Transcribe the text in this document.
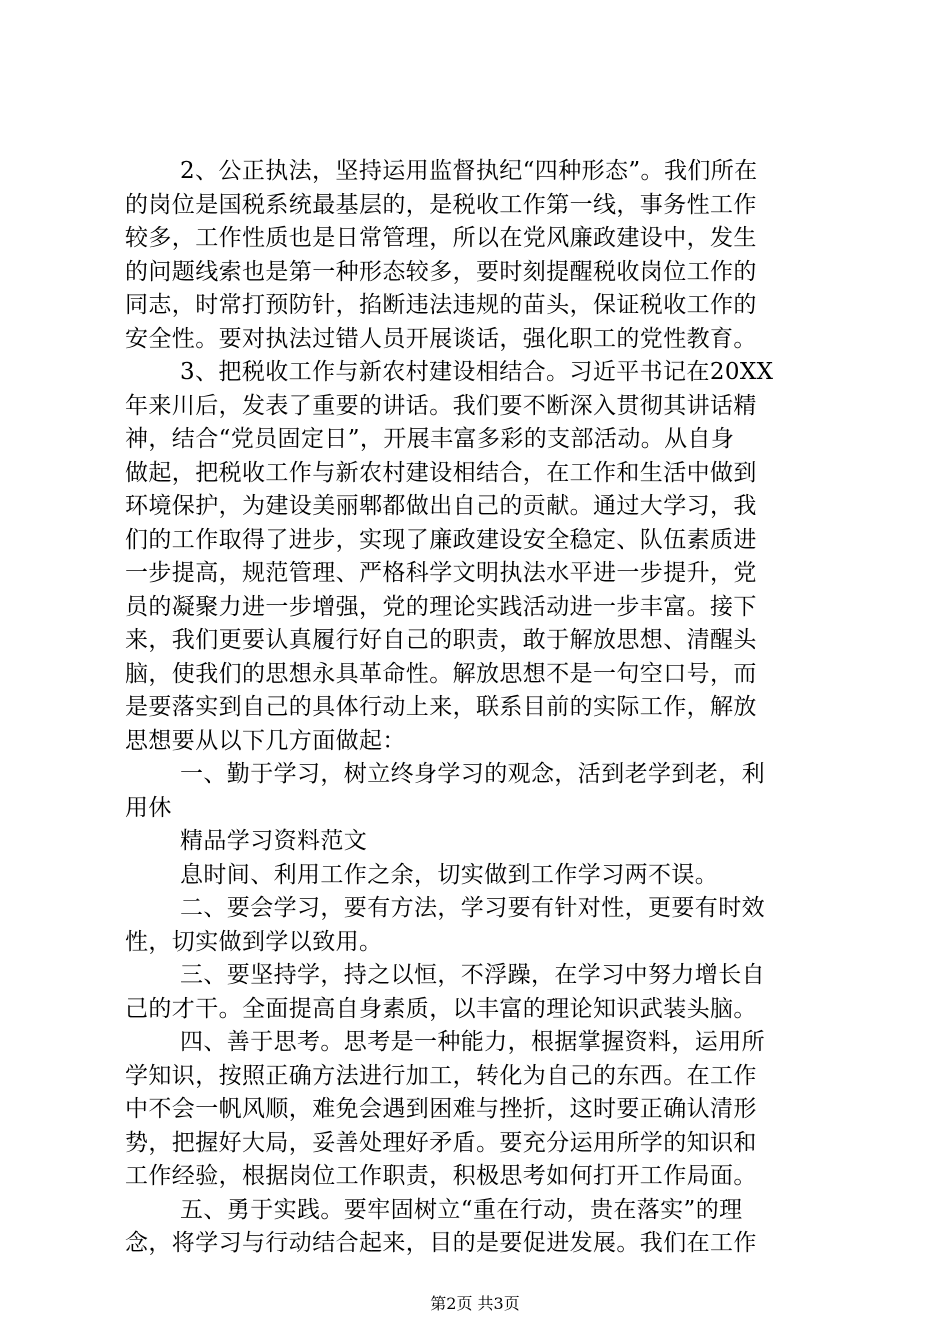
2、公正执法，坚持运用监督执纪“四种形态”。我们所在
的岗位是国税系统最基层的，是税收工作第一线，事务性工作
较多，工作性质也是日常管理，所以在党风廉政建设中，发生
的问题线索也是第一种形态较多，要时刻提醒税收岗位工作的
同志，时常打预防针，掐断违法违规的苗头，保证税收工作的
安全性。要对执法过错人员开展谈话，强化职工的党性教育。
3、把税收工作与新农村建设相结合。习近平书记在20XX
年来川后，发表了重要的讲话。我们要不断深入贯彻其讲话精
神，结合“党员固定日”，开展丰富多彩的支部活动。从自身
做起，把税收工作与新农村建设相结合，在工作和生活中做到
环境保护，为建设美丽郫都做出自己的贡献。通过大学习，我
们的工作取得了进步，实现了廉政建设安全稳定、队伍素质进
一步提高，规范管理、严格科学文明执法水平进一步提升，党
员的凝聚力进一步增强，党的理论实践活动进一步丰富。接下
来，我们更要认真履行好自己的职责，敢于解放思想、清醒头
脑，使我们的思想永具革命性。解放思想不是一句空口号，而
是要落实到自己的具体行动上来，联系目前的实际工作，解放
思想要从以下几方面做起：
一、勤于学习，树立终身学习的观念，活到老学到老，利
用休
精品学习资料范文
息时间、利用工作之余，切实做到工作学习两不误。
二、要会学习，要有方法，学习要有针对性，更要有时效
性，切实做到学以致用。
三、要坚持学，持之以恒，不浮躁，在学习中努力增长自
己的才干。全面提高自身素质，以丰富的理论知识武装头脑。
四、善于思考。思考是一种能力，根据掌握资料，运用所
学知识，按照正确方法进行加工，转化为自己的东西。在工作
中不会一帆风顺，难免会遇到困难与挫折，这时要正确认清形
势，把握好大局，妥善处理好矛盾。要充分运用所学的知识和
工作经验，根据岗位工作职责，积极思考如何打开工作局面。
五、勇于实践。要牢固树立“重在行动，贵在落实”的理
念，将学习与行动结合起来，目的是要促进发展。我们在工作
第2页 共3页
